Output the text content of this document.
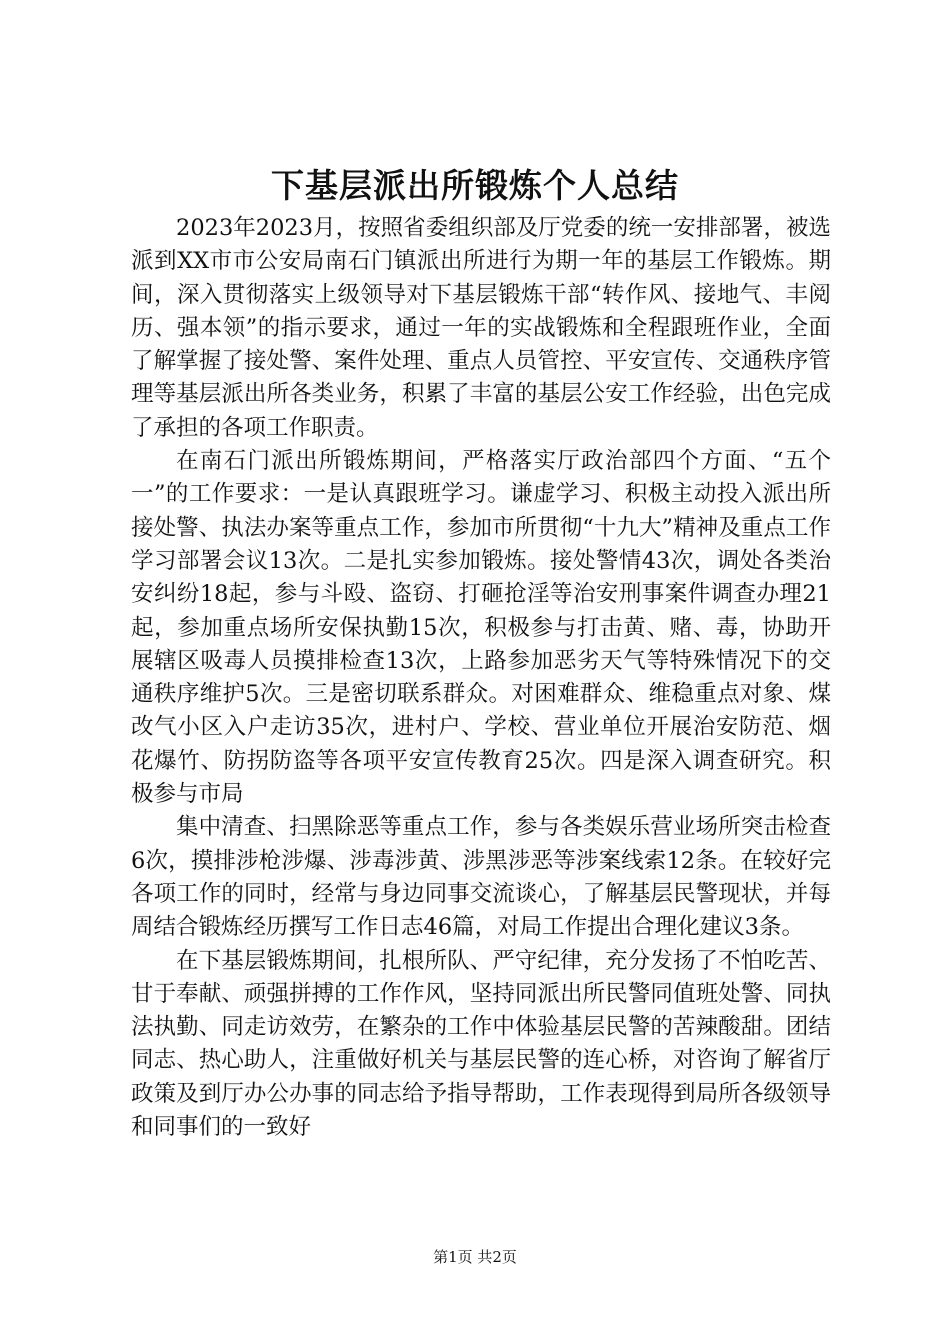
下基层派出所锻炼个人总结

2023年2023月，按照省委组织部及厅党委的统一安排部署，被选派到XX市市公安局南石门镇派出所进行为期一年的基层工作锻炼。期间，深入贯彻落实上级领导对下基层锻炼干部“转作风、接地气、丰阅历、强本领”的指示要求，通过一年的实战锻炼和全程跟班作业，全面了解掌握了接处警、案件处理、重点人员管控、平安宣传、交通秩序管理等基层派出所各类业务，积累了丰富的基层公安工作经验，出色完成了承担的各项工作职责。

在南石门派出所锻炼期间，严格落实厅政治部四个方面、“五个一”的工作要求：一是认真跟班学习。谦虚学习、积极主动投入派出所接处警、执法办案等重点工作，参加市所贯彻“十九大”精神及重点工作学习部署会议13次。二是扎实参加锻炼。接处警情43次，调处各类治安纠纷18起，参与斗殴、盗窃、打砸抢淫等治安刑事案件调查办理21起，参加重点场所安保执勤15次，积极参与打击黄、赌、毒，协助开展辖区吸毒人员摸排检查13次，上路参加恶劣天气等特殊情况下的交通秩序维护5次。三是密切联系群众。对困难群众、维稳重点对象、煤改气小区入户走访35次，进村户、学校、营业单位开展治安防范、烟花爆竹、防拐防盗等各项平安宣传教育25次。四是深入调查研究。积极参与市局

集中清查、扫黑除恶等重点工作，参与各类娱乐营业场所突击检查6次，摸排涉枪涉爆、涉毒涉黄、涉黑涉恶等涉案线索12条。在较好完各项工作的同时，经常与身边同事交流谈心，了解基层民警现状，并每周结合锻炼经历撰写工作日志46篇，对局工作提出合理化建议3条。

在下基层锻炼期间，扎根所队、严守纪律，充分发扬了不怕吃苦、甘于奉献、顽强拼搏的工作作风，坚持同派出所民警同值班处警、同执法执勤、同走访效劳，在繁杂的工作中体验基层民警的苦辣酸甜。团结同志、热心助人，注重做好机关与基层民警的连心桥，对咨询了解省厅政策及到厅办公办事的同志给予指导帮助，工作表现得到局所各级领导和同事们的一致好

第1页 共2页
